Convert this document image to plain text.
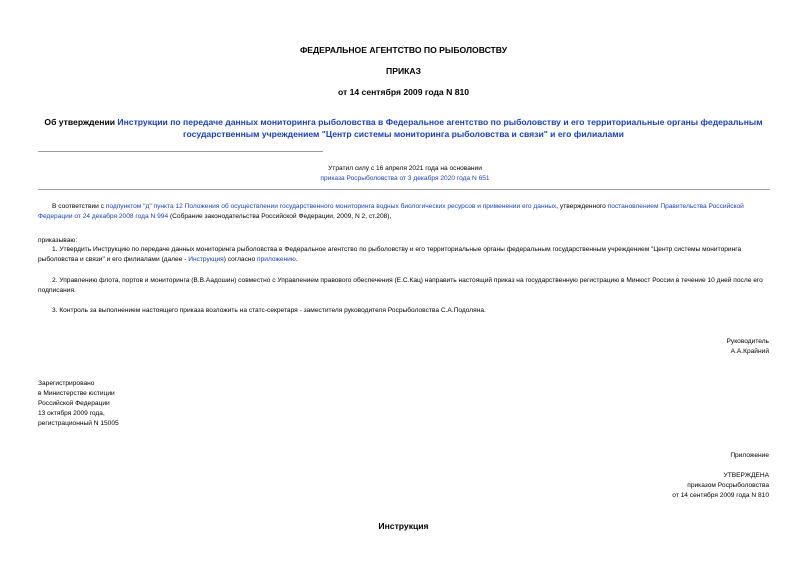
ФЕДЕРАЛЬНОЕ АГЕНТСТВО ПО РЫБОЛОВСТВУ
ПРИКАЗ
от 14 сентября 2009 года N 810
Об утверждении Инструкции по передаче данных мониторинга рыболовства в Федеральное агентство по рыболовству и его территориальные органы федеральным государственным учреждением "Центр системы мониторинга рыболовства и связи" и его филиалами
Утратил силу с 16 апреля 2021 года на основании
приказа Росрыболовства от 3 декабря 2020 года N 651
В соответствии с подпунктом "д" пункта 12 Положения об осуществлении государственного мониторинга водных биологических ресурсов и применении его данных, утвержденного постановлением Правительства Российской Федерации от 24 декабря 2008 года N 994 (Собрание законодательства Российской Федерации, 2009, N 2, ст.208),
приказываю:
1. Утвердить Инструкцию по передаче данных мониторинга рыболовства в Федеральное агентство по рыболовству и его территориальные органы федеральным государственным учреждением "Центр системы мониторинга рыболовства и связи" и его филиалами (далее - Инструкция) согласно приложению.
2. Управлению флота, портов и мониторинга (В.В.Аадошин) совместно с Управлением правового обеспечения (Е.С.Кац) направить настоящий приказ на государственную регистрацию в Минюст России в течение 10 дней после его подписания.
3. Контроль за выполнением настоящего приказа возложить на статс-секретаря - заместителя руководителя Росрыболовства С.А.Подоляна.
Руководитель
А.А.Крайний
Зарегистрировано
в Министерстве юстиции
Российской Федерации
13 октября 2009 года,
регистрационный N 15005
Приложение
УТВЕРЖДЕНА
приказом Росрыболовства
от 14 сентября 2009 года N 810
Инструкция
